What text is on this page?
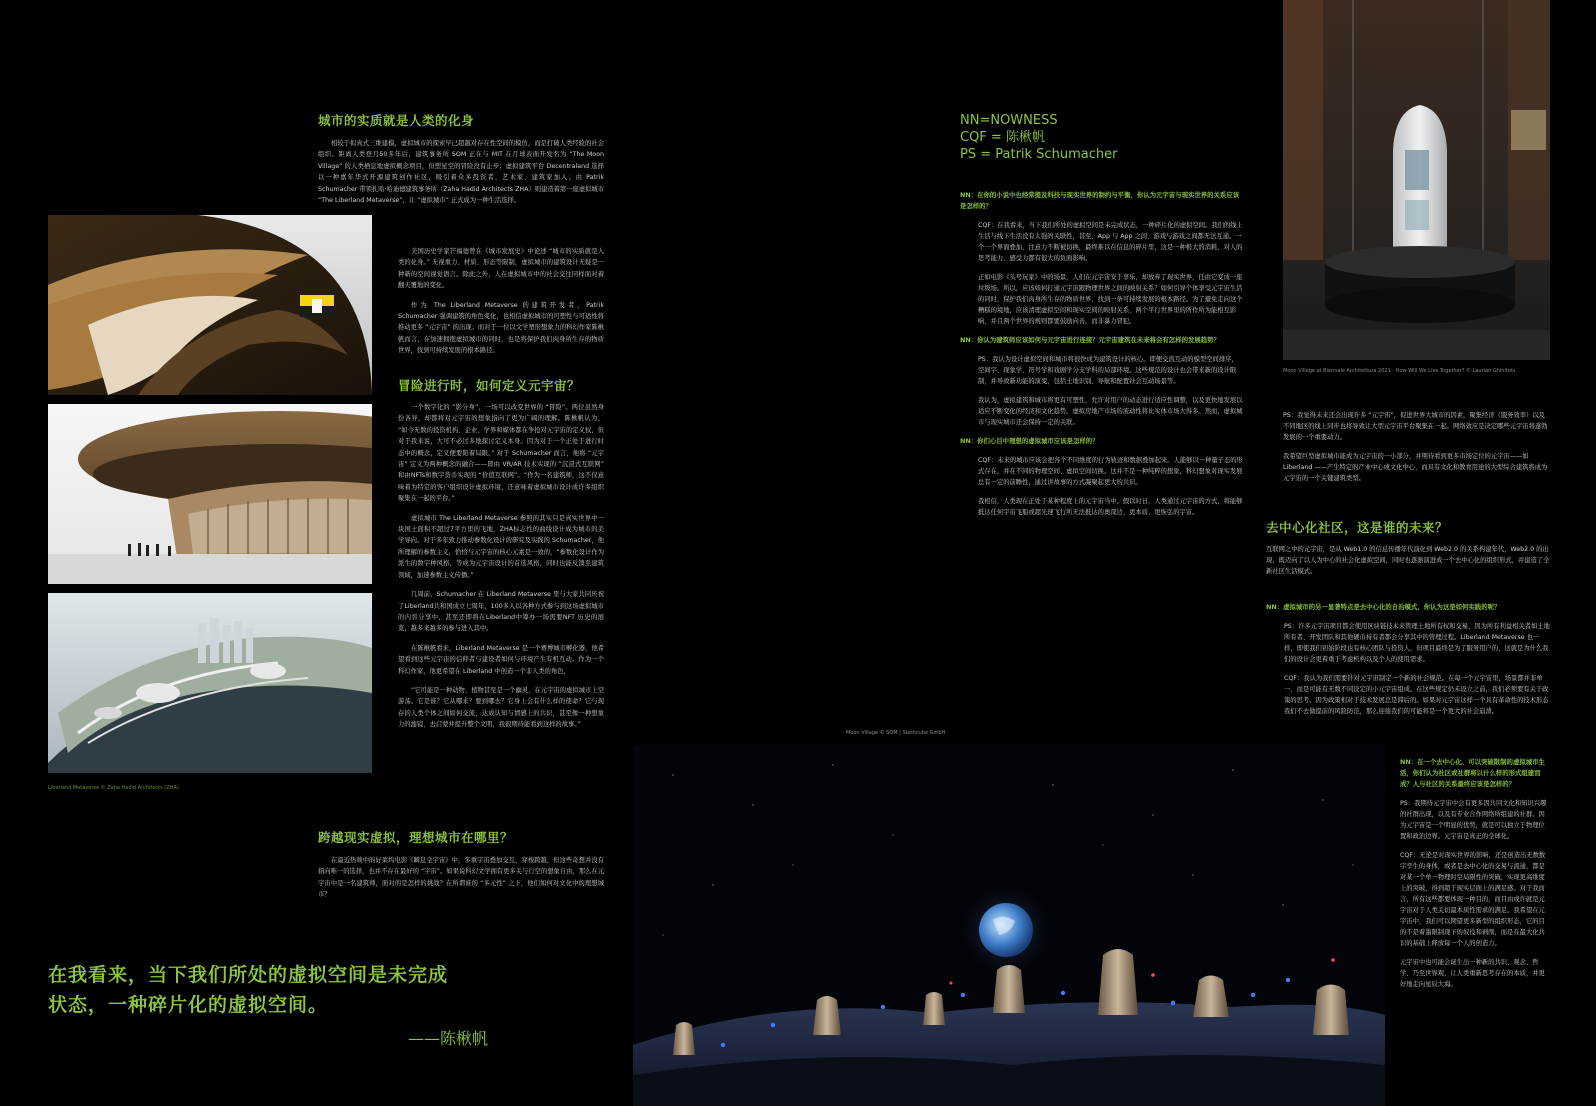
城市的实质就是人类的化身

相较于拟真式三维建模，虚拟城市的探索早已超越对存在性空间的模仿，而是打破人类经验的社会组织。距离人类登月50多年后，建筑事务所 SOM 正在与 MIT 在月球表面开发名为 “The Moon Village” 的人类栖息地虚拟概念项目，但塑星空的冒险没有止步；虚拟建筑平台 Decentraland 选择以一种嘉年华式开源建筑创作社区，吸引着众多投资者、艺术家、建筑家加入；由 Patrik Schumacher 带领扎哈·哈迪德建筑事务所（Zaha Hadid Architects ZHA）则建造着第一座虚拟城市 “The Liberland Metaverse”，让 “虚拟城市” 正式成为一种生活选择。

美国历史学家芒福德曾在《城市发展史》中论述 “城市的实质就是人类的化身。” 无视重力、材质、形态等限制，虚拟城市的建筑设计无疑是一种新的空间视觉语言。除此之外，人在虚拟城市中的社会交往同样面对着翻天覆地的变化。

作为 The Liberland Metaverse 的建筑开发者，Patrik Schumacher 强调建筑的角色变化，也相信虚拟城市的可塑性与可适性将推动更多 “元宇宙” 的出现；而对于一位以文学塑形想象力的科幻作家陈楸帆而言，在加速拥抱虚拟城市的同时，也是将保护我们肉身所生存的物质世界，找到可持续发展的根本路径。

冒险进行时，如何定义元宇宙？

一个数字化的 “影分身”，一场可以改变世界的 “冒险”。两位虽然身份各异，却都将对元宇宙的想象指向了更为广阔的理解。陈楸帆认为， “如今无数的投资机构、企业、学界和媒体都在争抢对元宇宙的定义权，但对于我来说，大可不必过多地探讨定义本身。因为对于一个正处于进行时态中的概念，定义便要陷着局限。” 对于 Schumacher 而言，他将 “元宇宙” 定义为两种概念的融合——即由 VR/AR 技术实现的 “沉浸式互联网” 和由NFTs和数字货币实现的 “价值互联网”。“作为一名建筑师，这不仅意味着为特定的客户组织设计虚拟环境，还意味着虚拟城市设计成许多组织聚集在一起的平台。”

虚拟城市 The Liberland Metaverse 参照的其实只是真实世界中一块国土面积不超过7平方里的飞地，ZHA标志性的曲线设计成为城市的美学导向。对于多年致力推动参数化设计的研究及实践的 Schumacher，他所理解的参数主义，恰恰与元宇宙的核心元素是一致的，“参数化设计作为派生的数字种风格，等成为元宇宙设计的首选风格，同时也能反馈至建筑领域，加速参数主义传播。”

几周前，Schumacher 在 Liberland Metaverse 里与大家共同庆祝了Liberland共和国成立七周年，100多人以各种方式参与到这场虚拟城市的内容分享中，甚至还即将在Liberland中筹办一场需要NFT 历史的展览，越多来越多的参与进入其中。

在陈楸帆看来，Liberland Metaverse 是一个赛博城市孵化器，他希望看到这些元宇宙的信仰者与建设者如何与环境产生有机互动。作为一个科幻作家，他更希望在 Liberland 中创造一个非人类的角色，

“它可能是一种动物、植物甚至是一个幽灵，在元宇宙的虚拟城市上空游荡。它是谁？它从哪来？要到哪去？它身上会有什么样的使命？它与现存的人类个体之间如何交流，达成认知与情感上的共识，甚至像一种想象力的滤镜，去启蒙并提升整个文明，我很期待能看到这样的故事。”

Liberland Metaverse © Zaha Hadid Architects (ZHA)
跨越现实虚拟，理想城市在哪里？

在最近热映中的好莱坞电影《瞬息全宇宙》中，多重宇宙叠加交互，穿梭跨越，但这些奇想并没有指向唯一的选择，也并不存在最好的 “宇宙”。如果说科幻文学拥有更多关与行空的想象自由，那么在元宇宙中是一名建筑师，面对的是怎样的挑战？在所谓谁的 “多元性” 之下，他们如何对文化中的理想城市？

在我看来，当下我们所处的虚拟空间是未完成
状态，一种碎片化的虚拟空间。
——陈楸帆
NN=NOWNESS
CQF = 陈楸帆
PS = Patrik Schumacher
NN：在你的小说中也经常提及科技与现实世界的制约与平衡，你认为元宇宙与现实世界的关系应该是怎样的？
CQF：在我看来，当下我们所处的虚拟空间是未完成状态，一种碎片化的虚拟空间。我们的线上生活与线下生活没有太强的关联性，甚至，App 与 App 之间、游戏与游戏之间都无法互通。一个一个界面叠加，注意力不断被切换，最终难以在信息的碎片里，这是一种极大的消耗，对人的思考能力、感受力都有很大的负面影响。
正如电影《头号玩家》中的场景，人们在元宇宙安于享乐，却放弃了现实世界，任由它变成一座垃圾场。所以，应该如何打通元宇宙跟物理世界之间的映射关系？如何引导个体享受元宇宙生活的同时，保护我们肉身所生存的物质世界，找到一条可持续发展的根本路径。为了避免走向这个糟糕的境地，应该清理虚拟空间和现实空间的映射关系，两个平行世界里的所作所为能相互影响，并且两个世界的规则都要鼓励向善，而非暴力冒犯。
NN：你认为建筑师应该如何与元宇宙进行连接？元宇宙建筑在未来将会有怎样的发展趋势？
PS：我认为设计虚拟空间和城市将很快成为建筑设计的核心。即便交流互动的模型空间排序，空间字、现象学、符号学和戏剧学分支学科的局部环境。这些规范的设计也会带来新的设计限制，并导致新功能的演变，包括土地识别、导航和配置社会互动场景等。
我认为，虚拟建筑和城市将更有可塑性，允许对用户的动态进行适应性调整，以及更快地发展以适应不断变化的经济和文化趋势。虚拟房地产市场的流动性将比实体市场大得多。然而，虚拟城市与现实城市还会保持一定的关联。
NN：你们心目中理想的虚拟城市应该是怎样的？
CQF：未来的城市应该会把各个不同维度的行为轨迹和数据叠加起来。人能够以一种量子态的形式存在，并在不同的物理空间、虚拟空间切换。这并不是一种纯粹的想象，科幻想象对现实发展总有一定的前瞻性，通过讲故事的方式凝聚起更大的共识。
我相信，人类现在正处于某种程度上的元宇宙当中。假以时日，人类通过元宇宙的方式，将能够抵达任何宇宙飞船或超光速飞行所无法抵达的奥深边、更本质、更恢弘的宇宙。
Moon Village at Biennale Architettura 2021 - How Will We Live Together? © Laurian Ghinitoiu
PS：我觉得未来还会出现许多 “元宇宙”，促进世界大城市的因素，聚集经济（服务效率）以及不同地区的线上同步也将导致让大型元宇宙平台聚集在一起。网络效应是决定哪些元宇宙将蓬勃发展的一个重要动力。
我希望巨型虚拟城市能成为元宇宙的一小部分，并期待看到更多市场定位的元宇宙——如 Liberland ——产生特定的产业中心或文化中心，而具有文化和教育用途的大型综合建筑将成为元宇宙的一个关键建筑类型。
去中心化社区，这是谁的未来？
互联网之中的元宇宙，是从 Web1.0 的信息传播年代演化到 Web2.0 的关系构建年代，Web2.0 的出现，既迈向了以人为中心的社会化虚拟空间，同时也逐渐演进成一个去中心化的组织形式，并建造了全新社区生活模式。
NN：虚拟城市的另一显著特点是去中心化的自治模式，你认为这是如何实践的呢？
PS：许多元宇宙项目都会使用区块链技术来管理土地所有权和交易，因为所有利益相关者如土地所有者、开发团队和其他硬币持有者都会分享其中的管理过程。Liberland Metaverse 也一样，即使我们初始阶段也有核心团队与投资人，但项目最终是为了服务用户的，这就是为什么我们的设计会更着重于考虑机构以及个人的使用需求。
CQF：我认为我们需要针对元宇宙制定一个新的社会规范。在每一个元宇宙里，场景都并非单一，而是可能有无数不同设定的小元宇宙组成。在这些规定仍未设立之前，我们必须要有关于政策的思考，因为政策相对于技术发展总是滞后的。如果对元宇宙这样一个具有革命性的技术形态我们不去做提前的风险防范，那么迎接我们的可能将是一个更大的社会崩溃。
NN：在一个去中心化、可以突破限制的虚拟城市生活，你们认为社区或社群将以什么样的形式组建而成？人与社区的关系最终应该是怎样的？
PS：我期待元宇宙中会有更多因共同文化和知识兴趣的社群出现，以及有专业合作网络所组建的社群。因为元宇宙是一个明显的优势，就是可以独立于物理位置和政治边界。元宇宙是真正的全球化。
CQF：无论是对现实世界的影响，还是创造出无数数字孪生的身体，或者是去中心化的交易与流通，都是对某一个单一物理时空局限性的突破，实现更高维度上的突破，得到超于现实层面上的满足感。对于我而言，所有这些都要体现一种目的，而目由或许就是元宇宙对于人类关切最本质性需求的满足。我希望在元宇宙中，我们可以期望更多新型的组织形态，它的目的不是着墨限制现下的奴役和剥削，而是在最大化共识的基础上释放每一个人的创造力。
元宇宙中也可能会诞生出一种新的共识、观念、哲学、乃至世界观，让人类重新思考存在的本质，并更好地走向星辰大海。
Moon Village © SOM | Slashcube GmbH
